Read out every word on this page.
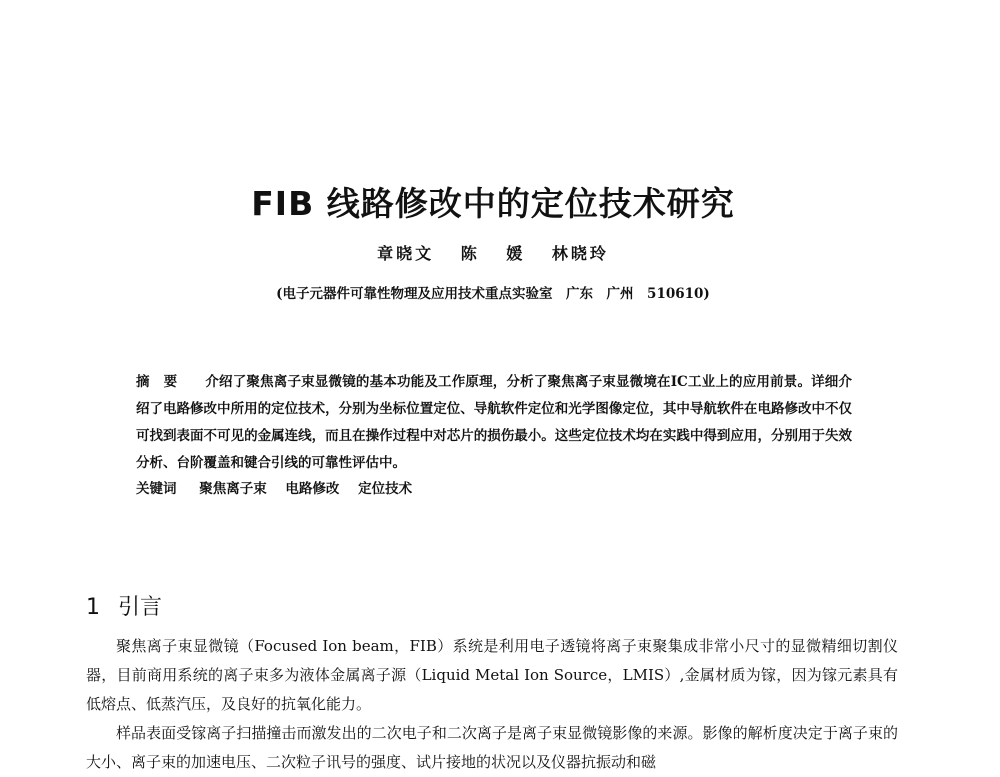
FIB 线路修改中的定位技术研究
章晓文 陈 媛 林晓玲
(电子元器件可靠性物理及应用技术重点实验室　广东　广州　510610)
摘要 介绍了聚焦离子束显微镜的基本功能及工作原理，分析了聚焦离子束显微境在IC工业上的应用前景。详细介绍了电路修改中所用的定位技术，分别为坐标位置定位、导航软件定位和光学图像定位，其中导航软件在电路修改中不仅可找到表面不可见的金属连线，而且在操作过程中对芯片的损伤最小。这些定位技术均在实践中得到应用，分别用于失效分析、台阶覆盖和键合引线的可靠性评估中。
关键词 聚焦离子束 电路修改 定位技术
1 引言

聚焦离子束显微镜（Focused Ion beam，FIB）系统是利用电子透镜将离子束聚集成非常小尺寸的显微精细切割仪器，目前商用系统的离子束多为液体金属离子源（Liquid Metal Ion Source，LMIS）,金属材质为镓，因为镓元素具有低熔点、低蒸汽压，及良好的抗氧化能力。

样品表面受镓离子扫描撞击而激发出的二次电子和二次离子是离子束显微镜影像的来源。影像的解析度决定于离子束的大小、离子束的加速电压、二次粒子讯号的强度、试片接地的状况以及仪器抗振动和磁
